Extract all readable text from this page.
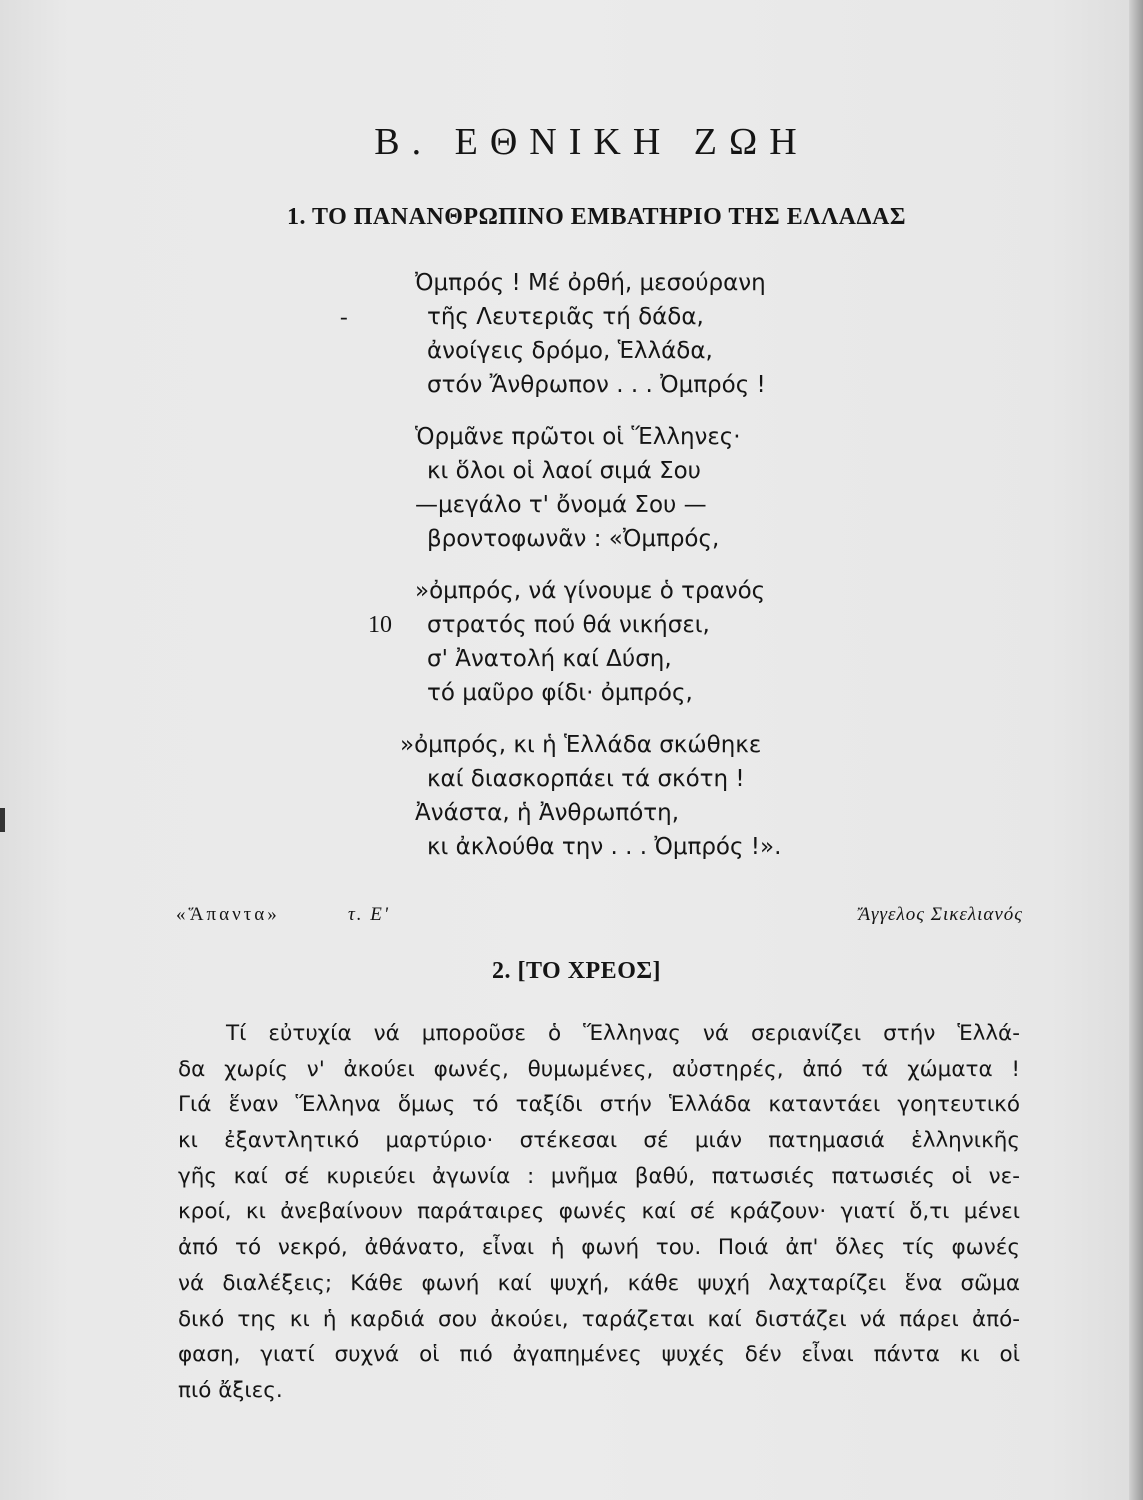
Β. ΕΘΝΙΚΗ ΖΩΗ
1. ΤΟ ΠΑΝΑΝΘΡΩΠΙΝΟ ΕΜΒΑΤΗΡΙΟ ΤΗΣ ΕΛΛΑΔΑΣ
Ὀμπρός ! Μέ ὀρθή, μεσούρανη
-	τῆς Λευτεριᾶς τή δάδα,
ἀνοίγεις δρόμο, Ἑλλάδα,
στόν Ἄνθρωπον . . . Ὀμπρός !
Ὁρμᾶνε πρῶτοι οἱ Ἕλληνες·
κι ὅλοι οἱ λαοί σιμά Σου
—μεγάλο τ' ὄνομά Σου —
βροντοφωνᾶν : «Ὀμπρός,
»ὀμπρός, νά γίνουμε ὁ τρανός
10 στρατός πού θά νικήσει,
σ' Ἀνατολή καί Δύση,
τό μαῦρο φίδι· ὀμπρός,
»ὀμπρός, κι ἡ Ἑλλάδα σκώθηκε
καί διασκορπάει τά σκότη !
Ἀνάστα, ἡ Ἀνθρωπότη,
κι ἀκλούθα την . . . Ὀμπρός !».
«Ἅπαντα»	τ. Ε'	Ἄγγελος Σικελιανός
2. [ΤΟ ΧΡΕΟΣ]
Τί εὐτυχία νά μποροῦσε ὁ Ἕλληνας νά σεριανίζει στήν Ἑλλά-
δα χωρίς ν' ἀκούει φωνές, θυμωμένες, αὐστηρές, ἀπό τά χώματα !
Γιά ἕναν Ἕλληνα ὅμως τό ταξίδι στήν Ἑλλάδα καταντάει γοητευτικό
κι ἐξαντλητικό μαρτύριο· στέκεσαι σέ μιάν πατημασιά ἑλληνικῆς
γῆς καί σέ κυριεύει ἀγωνία : μνῆμα βαθύ, πατωσιές πατωσιές οἱ νε-
κροί, κι ἀνεβαίνουν παράταιρες φωνές καί σέ κράζουν· γιατί ὅ,τι μένει
ἀπό τό νεκρό, ἀθάνατο, εἶναι ἡ φωνή του. Ποιά ἀπ' ὅλες τίς φωνές
νά διαλέξεις; Κάθε φωνή καί ψυχή, κάθε ψυχή λαχταρίζει ἕνα σῶμα
δικό της κι ἡ καρδιά σου ἀκούει, ταράζεται καί διστάζει νά πάρει ἀπό-
φαση, γιατί συχνά οἱ πιό ἀγαπημένες ψυχές δέν εἶναι πάντα κι οἱ
πιό ἄξιες.
